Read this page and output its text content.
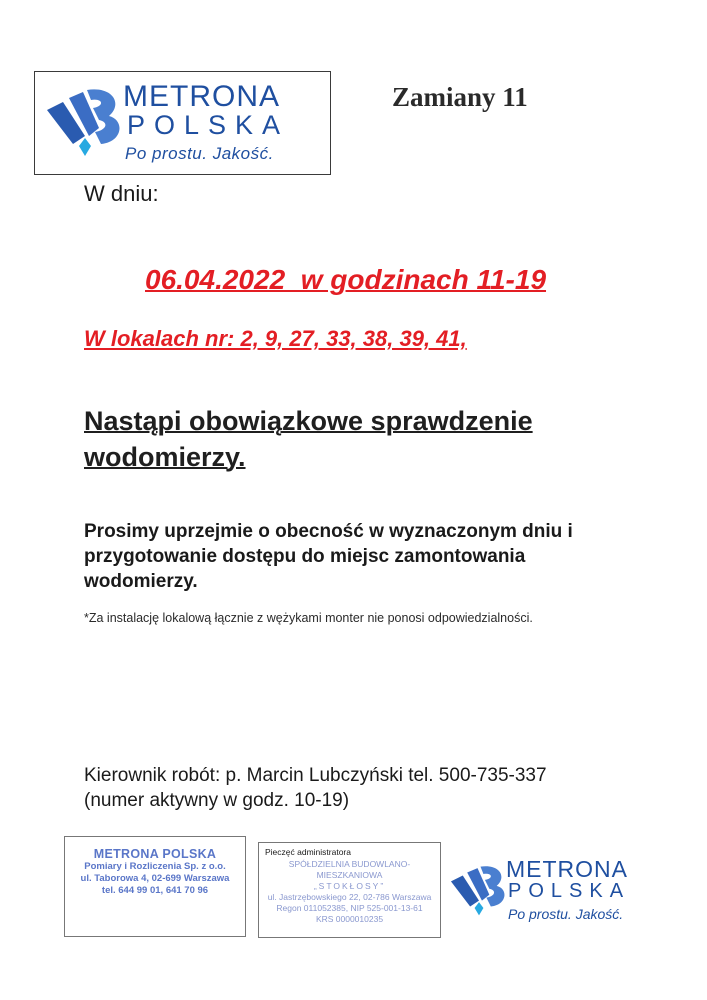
METRONA
POLSKA
Po prostu. Jakość.
Zamiany 11
W dniu:
06.04.2022  w godzinach 11-19
W lokalach nr: 2, 9, 27, 33, 38, 39, 41,
Nastąpi obowiązkowe sprawdzenie wodomierzy.
Prosimy uprzejmie o obecność w wyznaczonym dniu i przygotowanie dostępu do miejsc zamontowania wodomierzy.
*Za instalację lokalową łącznie z wężykami monter nie ponosi odpowiedzialności.
Kierownik robót: p. Marcin Lubczyński tel. 500-735-337
(numer aktywny w godz. 10-19)
METRONA POLSKA
Pomiary i Rozliczenia Sp. z o.o.
ul. Taborowa 4, 02-699 Warszawa
tel. 644 99 01, 641 70 96
Pieczęć administratora
SPÓŁDZIELNIA BUDOWLANO-MIESZKANIOWA
„STOKŁOSY”
ul. Jastrzębowskiego 22, 02-786 Warszawa
Regon 011052385, NIP 525-001-13-61
KRS 0000010235
METRONA
POLSKA
Po prostu. Jakość.
